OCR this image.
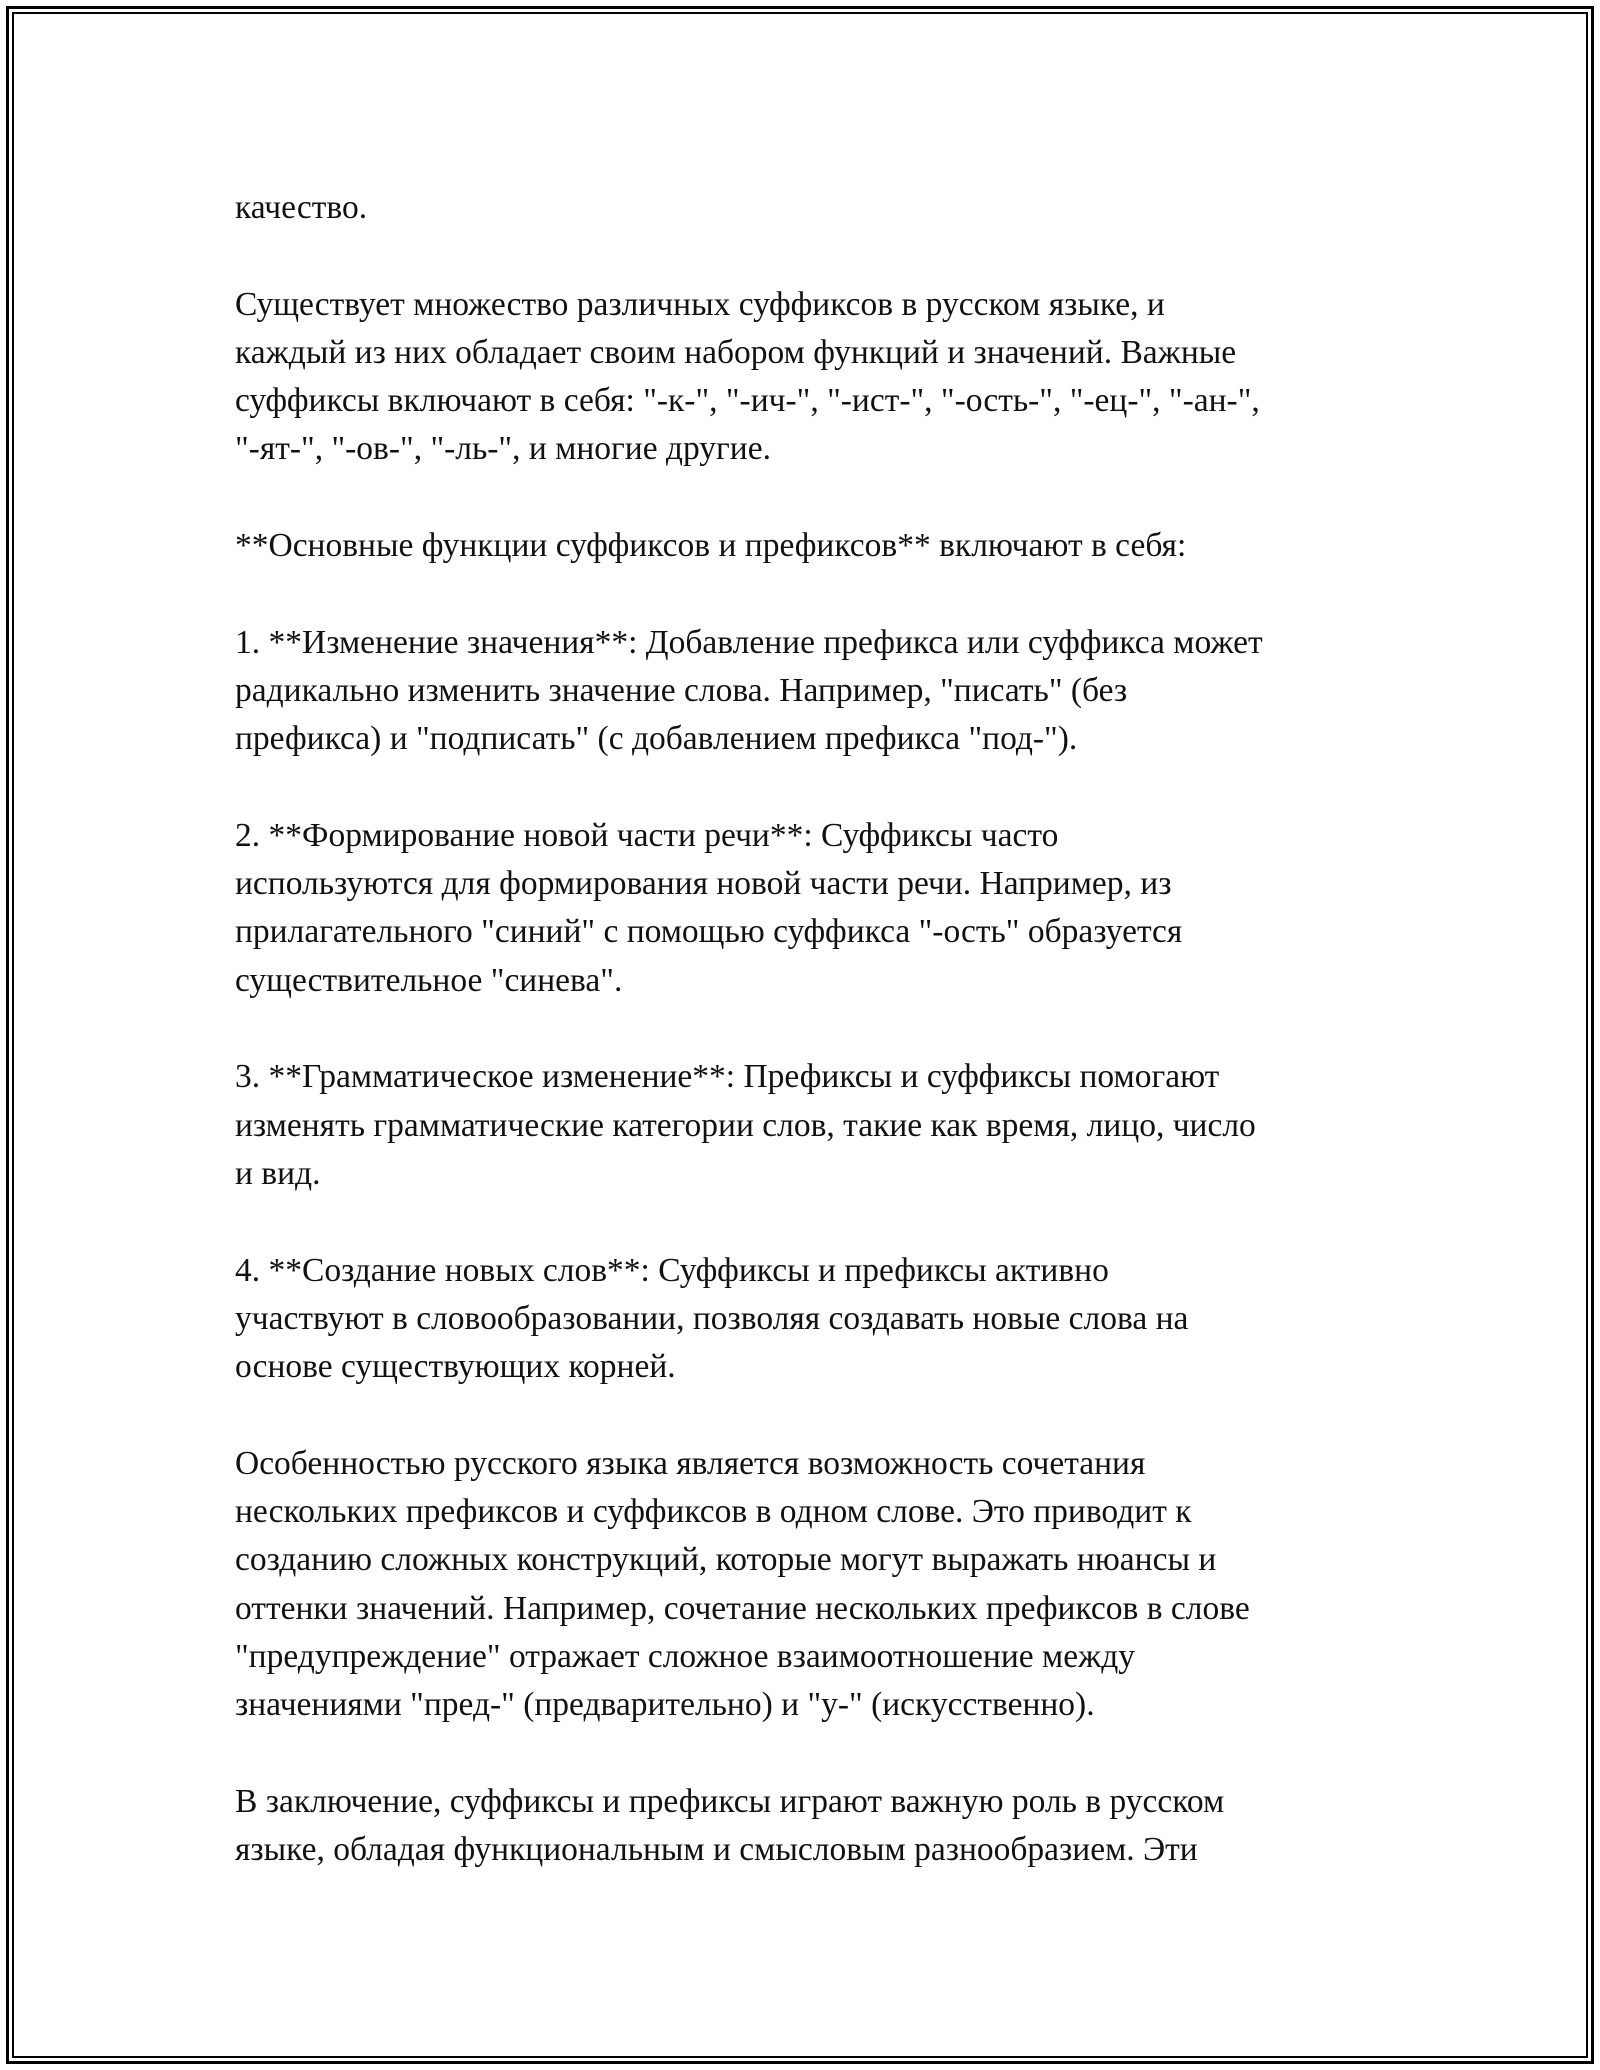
качество.

Существует множество различных суффиксов в русском языке, и
каждый из них обладает своим набором функций и значений. Важные
суффиксы включают в себя: "-к-", "-ич-", "-ист-", "-ость-", "-ец-", "-ан-",
"-ят-", "-ов-", "-ль-", и многие другие.

**Основные функции суффиксов и префиксов** включают в себя:

1. **Изменение значения**: Добавление префикса или суффикса может
радикально изменить значение слова. Например, "писать" (без
префикса) и "подписать" (с добавлением префикса "под-").

2. **Формирование новой части речи**: Суффиксы часто
используются для формирования новой части речи. Например, из
прилагательного "синий" с помощью суффикса "-ость" образуется
существительное "синева".

3. **Грамматическое изменение**: Префиксы и суффиксы помогают
изменять грамматические категории слов, такие как время, лицо, число
и вид.

4. **Создание новых слов**: Суффиксы и префиксы активно
участвуют в словообразовании, позволяя создавать новые слова на
основе существующих корней.

Особенностью русского языка является возможность сочетания
нескольких префиксов и суффиксов в одном слове. Это приводит к
созданию сложных конструкций, которые могут выражать нюансы и
оттенки значений. Например, сочетание нескольких префиксов в слове
"предупреждение" отражает сложное взаимоотношение между
значениями "пред-" (предварительно) и "у-" (искусственно).

В заключение, суффиксы и префиксы играют важную роль в русском
языке, обладая функциональным и смысловым разнообразием. Эти
